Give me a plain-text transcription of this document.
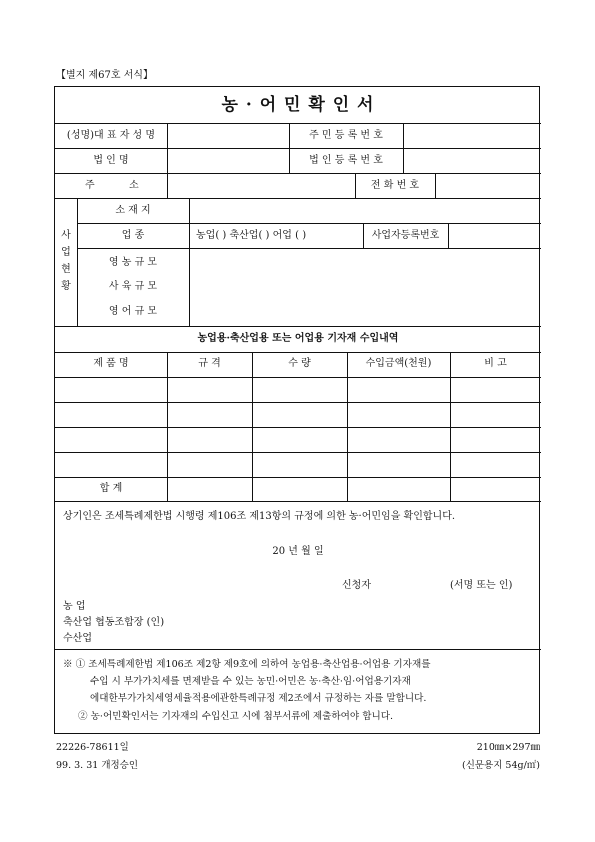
【별지 제67호 서식】
농 · 어 민 확 인 서
(성명)대 표 자 성 명	주 민 등 록 번 호
법 인 명	법 인 등 록 번 호
주	소	전 화 번 호
사
업
현
황
소 재 지
업 종	농업( ) 축산업( ) 어업 ( )	사업자등록번호
영 농 규 모
사 육 규 모
영 어 규 모
농업용·축산업용 또는 어업용 기자재 수입내역
제 품 명	규 격	수 량	수입금액(천원)	비 고
합 계
상기인은 조세특례제한법 시행령 제106조 제13항의 규정에 의한 농·어민임을 확인합니다.
20 년 월 일
신청자	(서명 또는 인)
농 업
축산업 협동조합장 (인)
수산업
※ ① 조세특례제한법 제106조 제2항 제9호에 의하여 농업용·축산업용·어업용 기자재를
수입 시 부가가치세를 면제받을 수 있는 농민·어민은 농·축산·임·어업용기자재
에대한부가가치세영세율적용에관한특례규정 제2조에서 규정하는 자를 말합니다.
② 농·어민확인서는 기자재의 수입신고 시에 첨부서류에 제출하여야 합니다.
22226-78611일
99. 3. 31 개정승인
210㎜×297㎜
(신문용지 54g/㎡)
